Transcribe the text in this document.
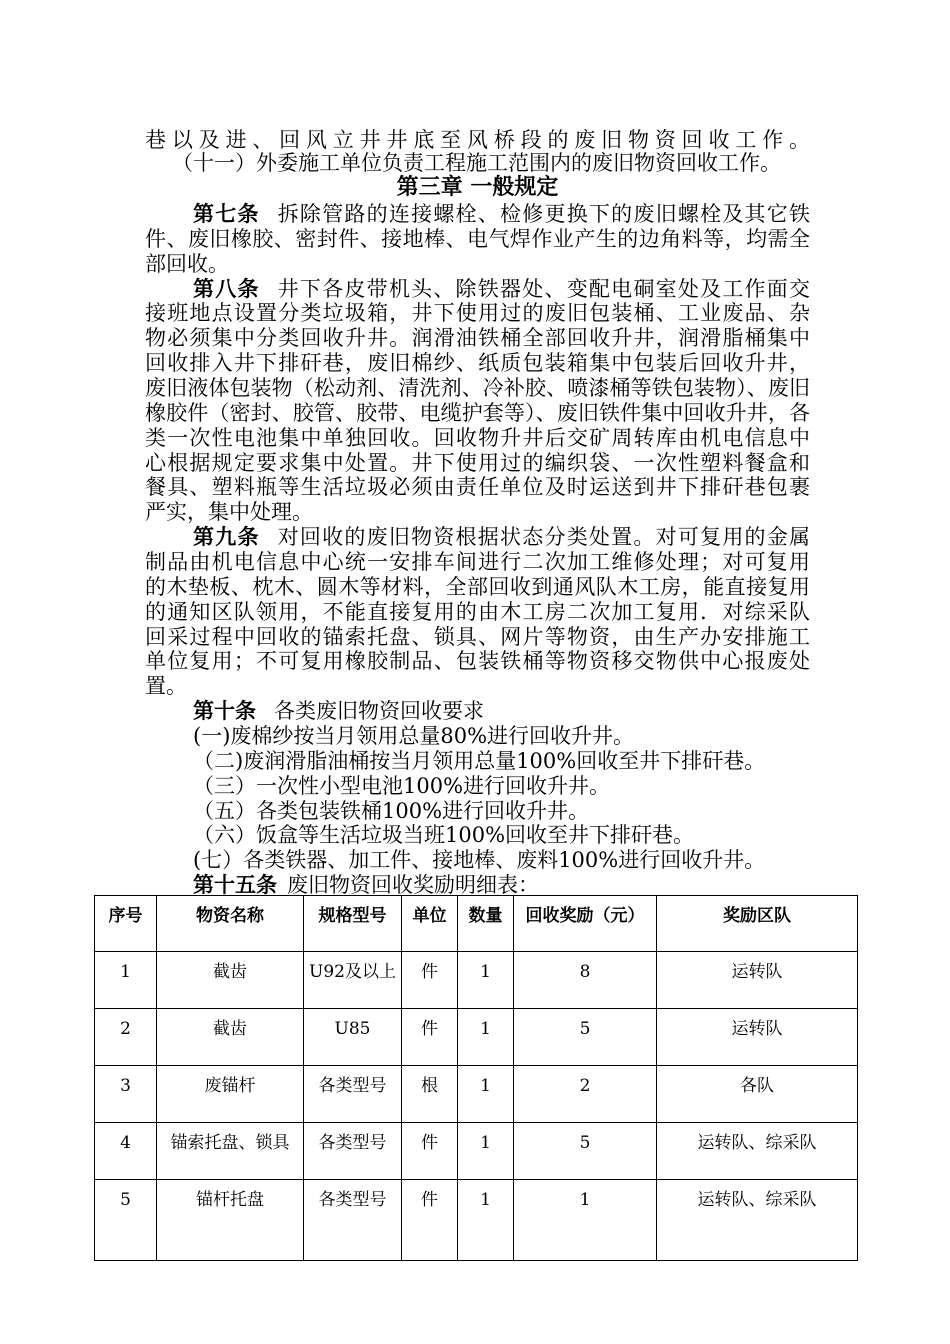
巷以及进、回风立井井底至风桥段的废旧物资回收工作。

（十一）外委施工单位负责工程施工范围内的废旧物资回收工作。

第三章 一般规定

第七条 拆除管路的连接螺栓、检修更换下的废旧螺栓及其它铁

件、废旧橡胶、密封件、接地棒、电气焊作业产生的边角料等，均需全

部回收。

第八条 井下各皮带机头、除铁器处、变配电硐室处及工作面交

接班地点设置分类垃圾箱，井下使用过的废旧包装桶、工业废品、杂

物必须集中分类回收升井。润滑油铁桶全部回收升井，润滑脂桶集中

回收排入井下排矸巷，废旧棉纱、纸质包装箱集中包装后回收升井，

废旧液体包装物（松动剂、清洗剂、冷补胶、喷漆桶等铁包装物）、废旧

橡胶件（密封、胶管、胶带、电缆护套等）、废旧铁件集中回收升井，各

类一次性电池集中单独回收。回收物升井后交矿周转库由机电信息中

心根据规定要求集中处置。井下使用过的编织袋、一次性塑料餐盒和

餐具、塑料瓶等生活垃圾必须由责任单位及时运送到井下排矸巷包裹

严实，集中处理。

第九条 对回收的废旧物资根据状态分类处置。对可复用的金属

制品由机电信息中心统一安排车间进行二次加工维修处理；对可复用

的木垫板、枕木、圆木等材料，全部回收到通风队木工房，能直接复用

的通知区队领用，不能直接复用的由木工房二次加工复用．对综采队

回采过程中回收的锚索托盘、锁具、网片等物资，由生产办安排施工

单位复用；不可复用橡胶制品、包装铁桶等物资移交物供中心报废处

置。

第十条 各类废旧物资回收要求

(一)废棉纱按当月领用总量80%进行回收升井。

（二)废润滑脂油桶按当月领用总量100%回收至井下排矸巷。

（三）一次性小型电池100%进行回收升井。

（五）各类包装铁桶100%进行回收升井。

（六）饭盒等生活垃圾当班100%回收至井下排矸巷。

(七）各类铁器、加工件、接地棒、废料100%进行回收升井。

第十五条 废旧物资回收奖励明细表：

序号	物资名称	规格型号	单位	数量	回收奖励（元）	奖励区队
1	截齿	U92及以上	件	1	8	运转队
2	截齿	U85	件	1	5	运转队
3	废锚杆	各类型号	根	1	2	各队
4	锚索托盘、锁具	各类型号	件	1	5	运转队、综采队
5	锚杆托盘	各类型号	件	1	1	运转队、综采队
